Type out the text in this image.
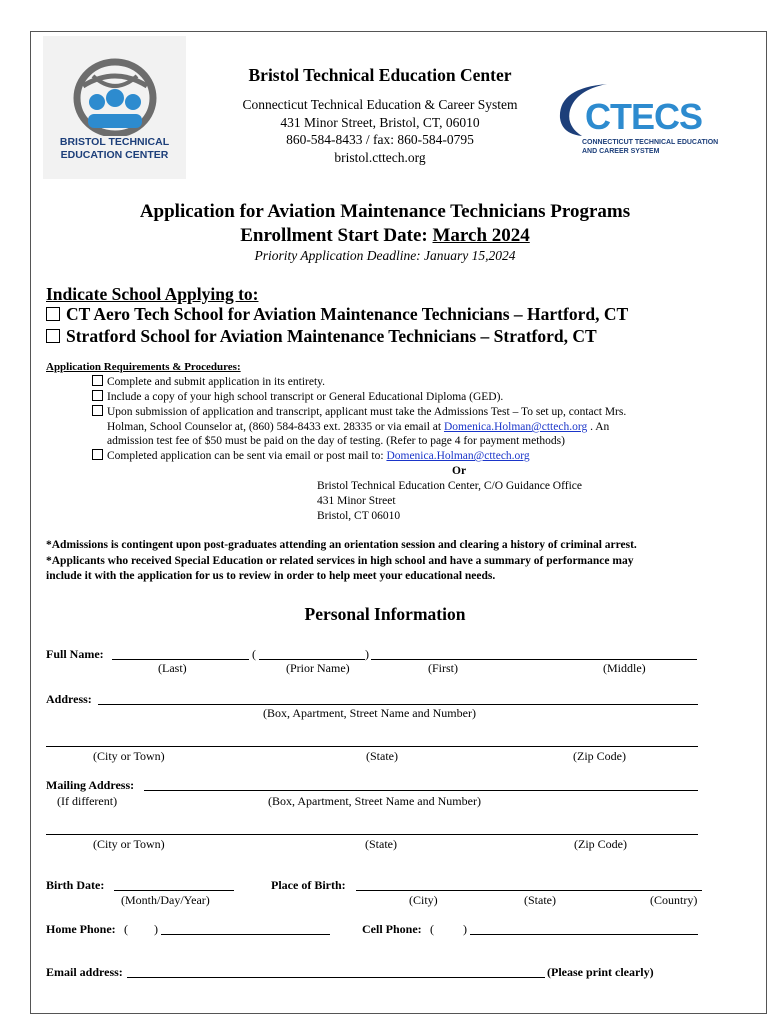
BRISTOL TECHNICAL
EDUCATION CENTER
Bristol Technical Education Center
Connecticut Technical Education & Career System
431 Minor Street, Bristol, CT, 06010
860-584-8433 / fax: 860-584-0795
bristol.cttech.org
CTECS
CONNECTICUT TECHNICAL EDUCATION
AND CAREER SYSTEM
Application for Aviation Maintenance Technicians Programs
Enrollment Start Date: March 2024
Priority Application Deadline: January 15,2024
Indicate School Applying to:
CT Aero Tech School for Aviation Maintenance Technicians – Hartford, CT
Stratford School for Aviation Maintenance Technicians – Stratford, CT
Application Requirements & Procedures:
Complete and submit application in its entirety.
Include a copy of your high school transcript or General Educational Diploma (GED).
Upon submission of application and transcript, applicant must take the Admissions Test – To set up, contact Mrs.
Holman, School Counselor at, (860) 584-8433 ext. 28335 or via email at Domenica.Holman@cttech.org . An
admission test fee of $50 must be paid on the day of testing. (Refer to page 4 for payment methods)
Completed application can be sent via email or post mail to: Domenica.Holman@cttech.org
Or
Bristol Technical Education Center, C/O Guidance Office
431 Minor Street
Bristol, CT 06010
*Admissions is contingent upon post-graduates attending an orientation session and clearing a history of criminal arrest.
*Applicants who received Special Education or related services in high school and have a summary of performance may
include it with the application for us to review in order to help meet your educational needs.
Personal Information
Full Name:	(	)
(Last)	(Prior Name)	(First)	(Middle)
Address:
(Box, Apartment, Street Name and Number)
(City or Town)	(State)	(Zip Code)
Mailing Address:
(If different)	(Box, Apartment, Street Name and Number)
(City or Town)	(State)	(Zip Code)
Birth Date:
(Month/Day/Year)
Place of Birth:
(City)	(State)	(Country)
Home Phone: ( )	Cell Phone: ( )
Email address:	(Please print clearly)
